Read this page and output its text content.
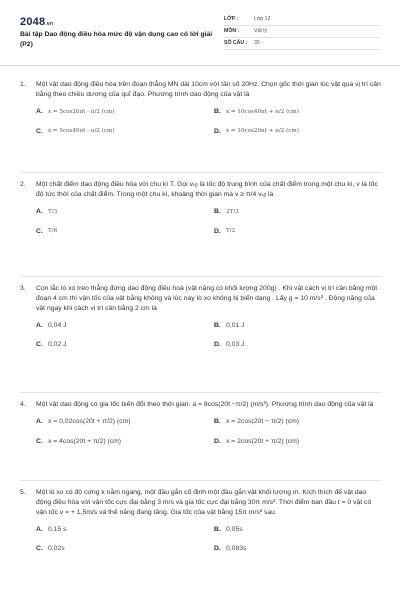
2048.vn
Bài tập Dao động điều hòa mức độ vận dụng cao có lời giải (P2)
LỚP :	Lớp 12
MÔN :	Vật lý
SỐ CÂU :	35
1.	Một vật dao động điều hòa trên đoạn thẳng MN dài 10cm với tần số 20Hz. Chọn gốc thời gian lúc vật qua vị trí cân bằng theo chiều dương của quĩ đạo. Phương trình dao động của vật là
A. x = 5cos20πt - π/2 (cm)	B. x = 10cos40πt + π/2 (cm)
C. x = 5cos40πt - π/2 (cm)	D. x = 10cos20πt + π/2 (cm)
2.	Một chất điểm dao động điều hòa với chu kì T. Gọi vₜᵦ là tốc độ trung bình của chất điểm trong một chu kì, v là tốc độ tức thời của chất điểm. Trong một chu kì, khoảng thời gian mà v ≥ π/4 vₜᵦ là
A. T/3	B. 2T/3
C. T/6	D. T/2
3.	Con lắc lò xo treo thẳng đứng dao động điều hoà (vật nặng có khối lượng 200g) . Khi vật cách vị trí cân bằng một đoạn 4 cm thì vận tốc của vật bằng không và lúc này lò xo không bị biến dạng . Lấy g = 10 m/s² . Động năng của vật ngay khi cách vị trí cân bằng 2 cm là
A. 0,04 J	B. 0,01 J
C. 0,02 J	D. 0,03 J
4.	Một vật dao động có gia tốc biến đổi theo thời gian: a = 8cos(20t −π/2) (m/s²). Phương trình dao động của vật là
A. x = 0,02cos(20t + π/2) (cm)	B. x = 2cos(20t − π/2) (cm)
C. x = 4cos(20t + π/2) (cm)	D. x = 2cos(20t + π/2) (cm)
5.	Một lò xo có độ cứng k nằm ngang, một đầu gắn cố định một đầu gắn vật khối lượng m. Kích thích để vật dao động điều hòa với vận tốc cực đại bằng 3 m/s và gia tốc cực đại bằng 30π m/s². Thời điểm ban đầu t = 0 vật có vận tốc v = + 1,5m/s và thế năng đang tăng. Gia tốc của vật bằng 15π m/s² sau
A. 0,15 s	B. 0,05s
C. 0,02s	D. 0,083s
